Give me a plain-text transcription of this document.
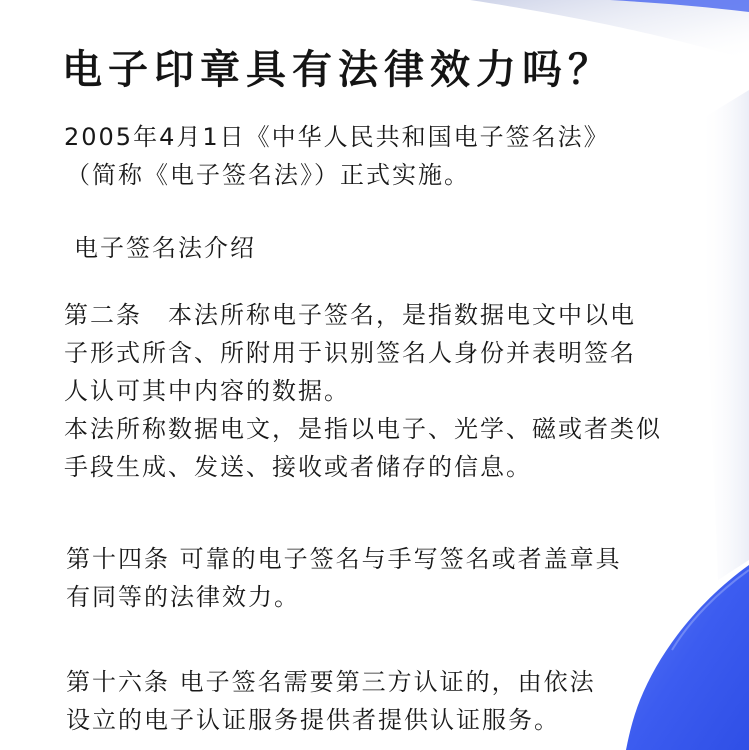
电子印章具有法律效力吗？
2005年4月1日《中华人民共和国电子签名法》
（简称《电子签名法》）正式实施。
电子签名法介绍
第二条　本法所称电子签名，是指数据电文中以电
子形式所含、所附用于识别签名人身份并表明签名
人认可其中内容的数据。
本法所称数据电文，是指以电子、光学、磁或者类似
手段生成、发送、接收或者储存的信息。
第十四条 可靠的电子签名与手写签名或者盖章具
有同等的法律效力。
第十六条 电子签名需要第三方认证的，由依法
设立的电子认证服务提供者提供认证服务。
